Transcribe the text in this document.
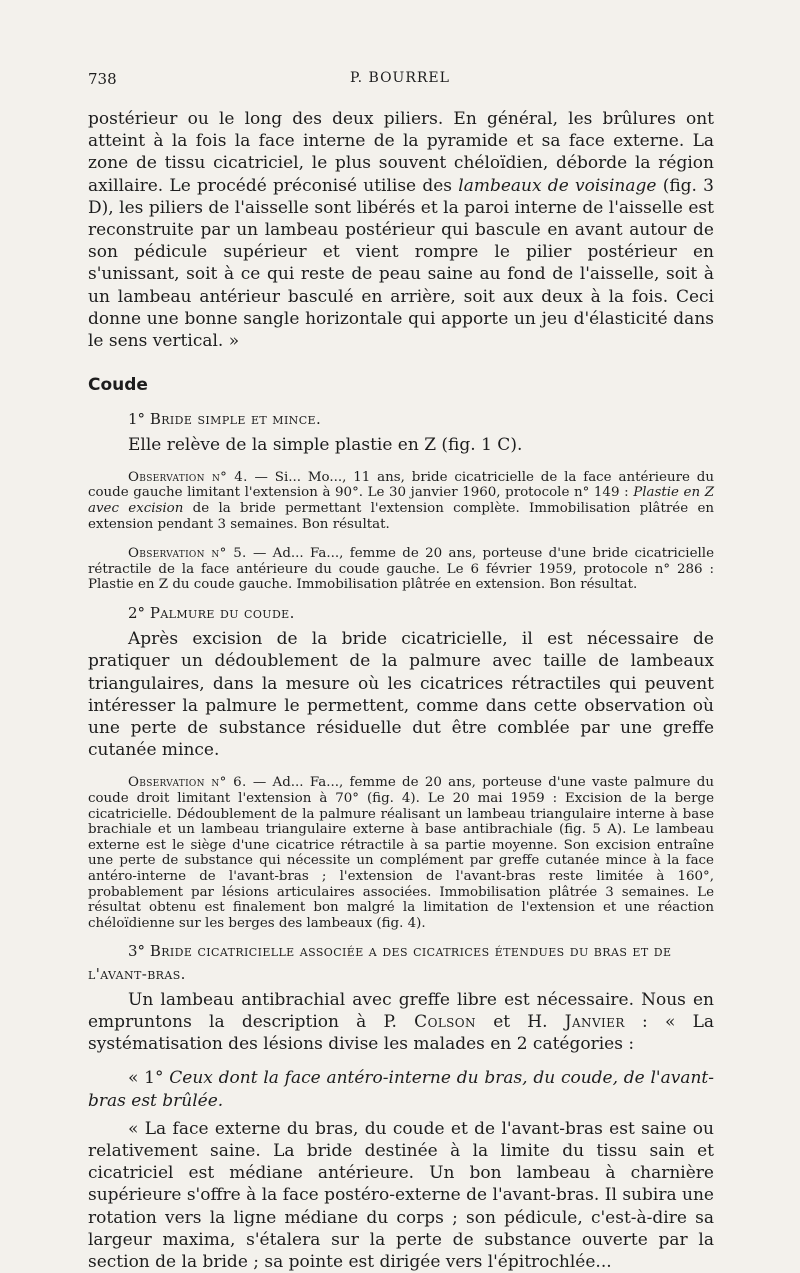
738	P. BOURREL

postérieur ou le long des deux piliers. En général, les brûlures ont atteint à la fois la face interne de la pyramide et sa face externe. La zone de tissu cicatriciel, le plus souvent chéloïdien, déborde la région axillaire. Le procédé préconisé utilise des lambeaux de voisinage (fig. 3 D), les piliers de l'aisselle sont libérés et la paroi interne de l'aisselle est reconstruite par un lambeau postérieur qui bascule en avant autour de son pédicule supérieur et vient rompre le pilier postérieur en s'unissant, soit à ce qui reste de peau saine au fond de l'aisselle, soit à un lambeau antérieur basculé en arrière, soit aux deux à la fois. Ceci donne une bonne sangle horizontale qui apporte un jeu d'élasticité dans le sens vertical. »

Coude
1° Bride simple et mince.

Elle relève de la simple plastie en Z (fig. 1 C).

Observation n° 4. — Si... Mo..., 11 ans, bride cicatricielle de la face antérieure du coude gauche limitant l'extension à 90°. Le 30 janvier 1960, protocole n° 149 : Plastie en Z avec excision de la bride permettant l'extension complète. Immobilisation plâtrée en extension pendant 3 semaines. Bon résultat.

Observation n° 5. — Ad... Fa..., femme de 20 ans, porteuse d'une bride cicatricielle rétractile de la face antérieure du coude gauche. Le 6 février 1959, protocole n° 286 : Plastie en Z du coude gauche. Immobilisation plâtrée en extension. Bon résultat.

2° Palmure du coude.

Après excision de la bride cicatricielle, il est nécessaire de pratiquer un dédoublement de la palmure avec taille de lambeaux triangulaires, dans la mesure où les cicatrices rétractiles qui peuvent intéresser la palmure le permettent, comme dans cette observation où une perte de substance résiduelle dut être comblée par une greffe cutanée mince.

Observation n° 6. — Ad... Fa..., femme de 20 ans, porteuse d'une vaste palmure du coude droit limitant l'extension à 70° (fig. 4). Le 20 mai 1959 : Excision de la berge cicatricielle. Dédoublement de la palmure réalisant un lambeau triangulaire interne à base brachiale et un lambeau triangulaire externe à base antibrachiale (fig. 5 A). Le lambeau externe est le siège d'une cicatrice rétractile à sa partie moyenne. Son excision entraîne une perte de substance qui nécessite un complément par greffe cutanée mince à la face antéro-interne de l'avant-bras ; l'extension de l'avant-bras reste limitée à 160°, probablement par lésions articulaires associées. Immobilisation plâtrée 3 semaines. Le résultat obtenu est finalement bon malgré la limitation de l'extension et une réaction chéloïdienne sur les berges des lambeaux (fig. 4).

3° Bride cicatricielle associée a des cicatrices étendues du bras et de l'avant-bras.

Un lambeau antibrachial avec greffe libre est nécessaire. Nous en empruntons la description à P. Colson et H. Janvier : « La systématisation des lésions divise les malades en 2 catégories :

« 1° Ceux dont la face antéro-interne du bras, du coude, de l'avant-bras est brûlée.

« La face externe du bras, du coude et de l'avant-bras est saine ou relativement saine. La bride destinée à la limite du tissu sain et cicatriciel est médiane antérieure. Un bon lambeau à charnière supérieure s'offre à la face postéro-externe de l'avant-bras. Il subira une rotation vers la ligne médiane du corps ; son pédicule, c'est-à-dire sa largeur maxima, s'étalera sur la perte de substance ouverte par la section de la bride ; sa pointe est dirigée vers l'épitrochlée...
